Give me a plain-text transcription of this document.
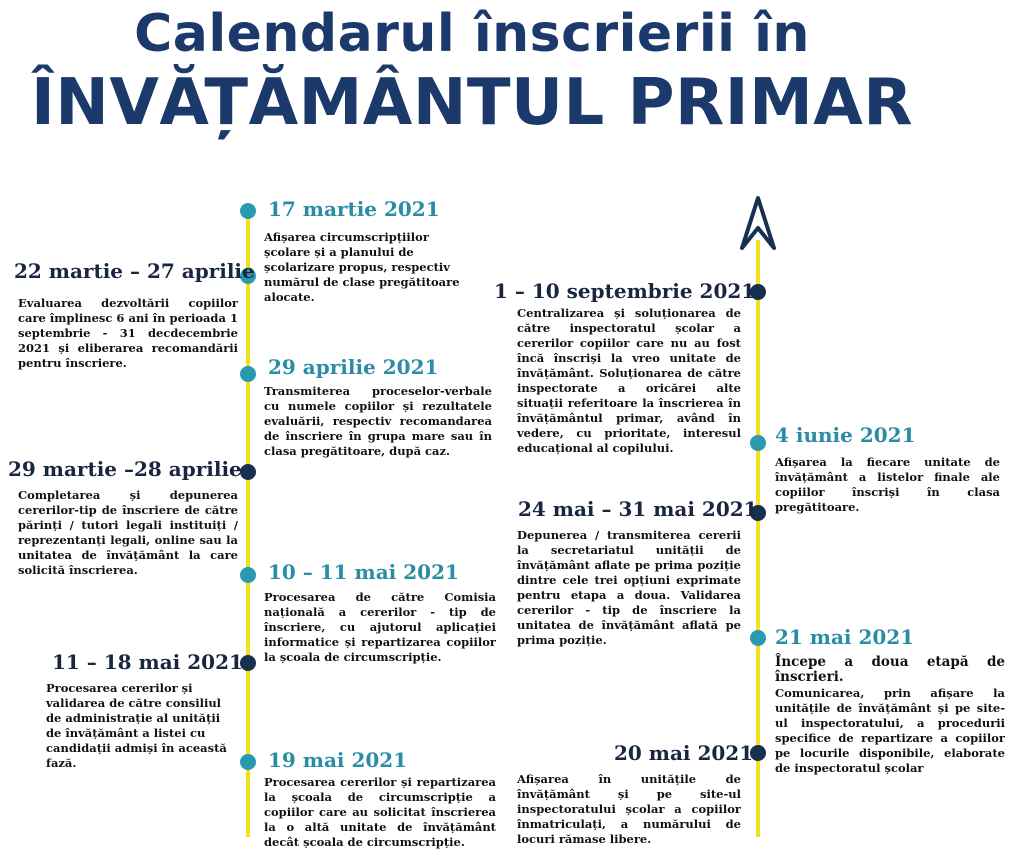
Calendarul înscrierii în
ÎNVĂȚĂMÂNTUL PRIMAR
22 martie – 27 aprilie
Evaluarea dezvoltării copiilor care împlinesc 6 ani în perioada 1 septembrie - 31 decdecembrie 2021 și eliberarea recomandării pentru înscriere.
29 martie –28 aprilie
Completarea și depunerea cererilor-tip de înscriere de către părinți / tutori legali instituiți / reprezentanți legali, online sau la unitatea de învățământ la care solicită înscrierea.
11 – 18 mai 2021
Procesarea cererilor și validarea de către consiliul de administrație al unității de învățământ a listei cu candidații admiși în această fază.
17 martie 2021
Afișarea circumscripțiilor școlare și a planului de școlarizare propus, respectiv numărul de clase pregătitoare alocate.
29 aprilie 2021
Transmiterea proceselor-verbale cu numele copiilor și rezultatele evaluării, respectiv recomandarea de înscriere în grupa mare sau în clasa pregătitoare, după caz.
10 – 11 mai 2021
Procesarea de către Comisia națională a cererilor - tip de înscriere, cu ajutorul aplicației informatice și repartizarea copiilor la școala de circumscripție.
19 mai 2021
Procesarea cererilor și repartizarea la școala de circumscripție a copiilor care au solicitat înscrierea la o altă unitate de învățământ decât școala de circumscripție.
1 – 10 septembrie 2021
Centralizarea și soluționarea de către inspectoratul școlar a cererilor copiilor care nu au fost încă înscriși la vreo unitate de învățământ. Soluționarea de către inspectorate a oricărei alte situații referitoare la înscrierea în învățământul primar, având în vedere, cu prioritate, interesul educațional al copilului.
24 mai – 31 mai 2021
Depunerea / transmiterea cererii la secretariatul unității de învățământ aflate pe prima poziție dintre cele trei opțiuni exprimate pentru etapa a doua. Validarea cererilor - tip de înscriere la unitatea de învățământ aflată pe prima poziție.
20 mai 2021
Afișarea în unitățile de învățământ și pe site-ul inspectoratului școlar a copiilor înmatriculați, a numărului de locuri rămase libere.
4 iunie 2021
Afișarea la fiecare unitate de învățământ a listelor finale ale copiilor înscriși în clasa pregătitoare.
21 mai 2021
Începe a doua etapă de înscrieri.
Comunicarea, prin afișare la unitățile de învățământ și pe site-ul inspectoratului, a procedurii specifice de repartizare a copiilor pe locurile disponibile, elaborate de inspectoratul școlar
